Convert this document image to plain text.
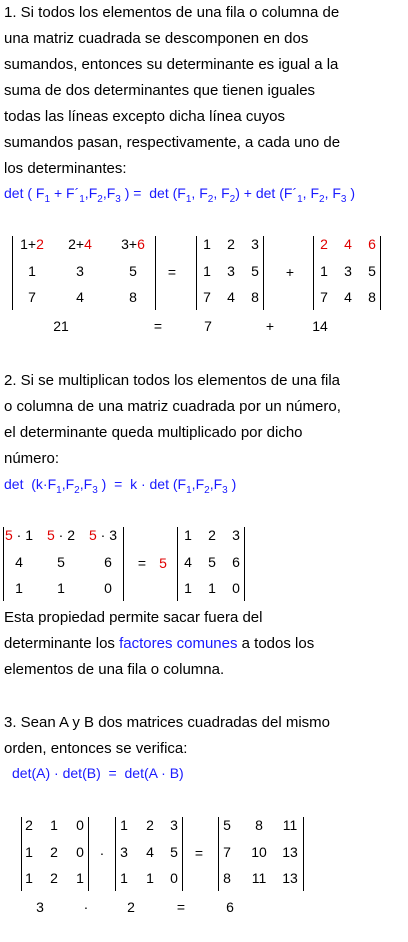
1. Si todos los elementos de una fila o columna de
una matriz cuadrada se descomponen en dos
sumandos, entonces su determinante es igual a la
suma de dos determinantes que tienen iguales
todas las líneas excepto dicha línea cuyos
sumandos pasan, respectivamente, a cada uno de
los determinantes:
det ( $F_1$ + $F´_1,F_2,F_3$ ) = $\det (F_1$, $F_2$, $F_2) + \det$ ($F´_1$, $F_2$, $F_3$ )
1+2 2+4 3+6
1	3	5
7	4	8
=
1 2 3
1 3 5
7 4 8
+
2 4 6
1 3 5
7 4 8
21	=	7	+	14
2. Si se multiplican todos los elementos de una fila
o columna de una matriz cuadrada por un número,
el determinante queda multiplicado por dicho
número:
$\det (k\cdot F_1,F_2,F_3$ ) = $k \cdot \det (F_1,F_2,F_3$ )
5 · 1 5 · 2 5 · 3
4 5	6
1 1	0
= 5
1 2 3
4 5 6
1 1 0
Esta propiedad permite sacar fuera del
determinante los factores comunes a todos los
elementos de una fila o columna.
3. Sean A y B dos matrices cuadradas del mismo
orden, entonces se verifica:
det(A) · det(B) = det(A · B)
2 1 0
1 2 0
1 2 1
·
1 2 3
3 4 5
1 1 0
=
5 8 11
7 10 13
8 11 13
3	·	2	=	6
